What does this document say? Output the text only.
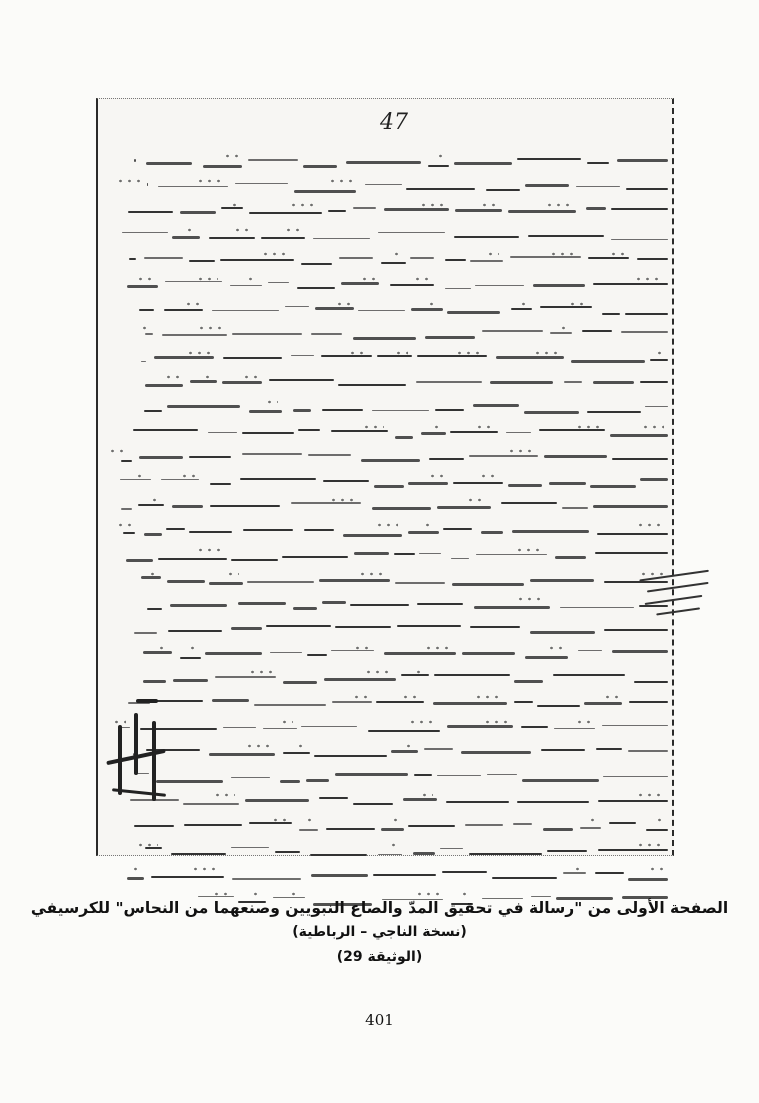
47
الصفحة الأولى من "رسالة في تحقيق المدّ والصاع النبويين وصنعهما من النحاس" للكرسيفي
(نسخة الناجي – الرباطية)
(الوثيقة 29)
401
